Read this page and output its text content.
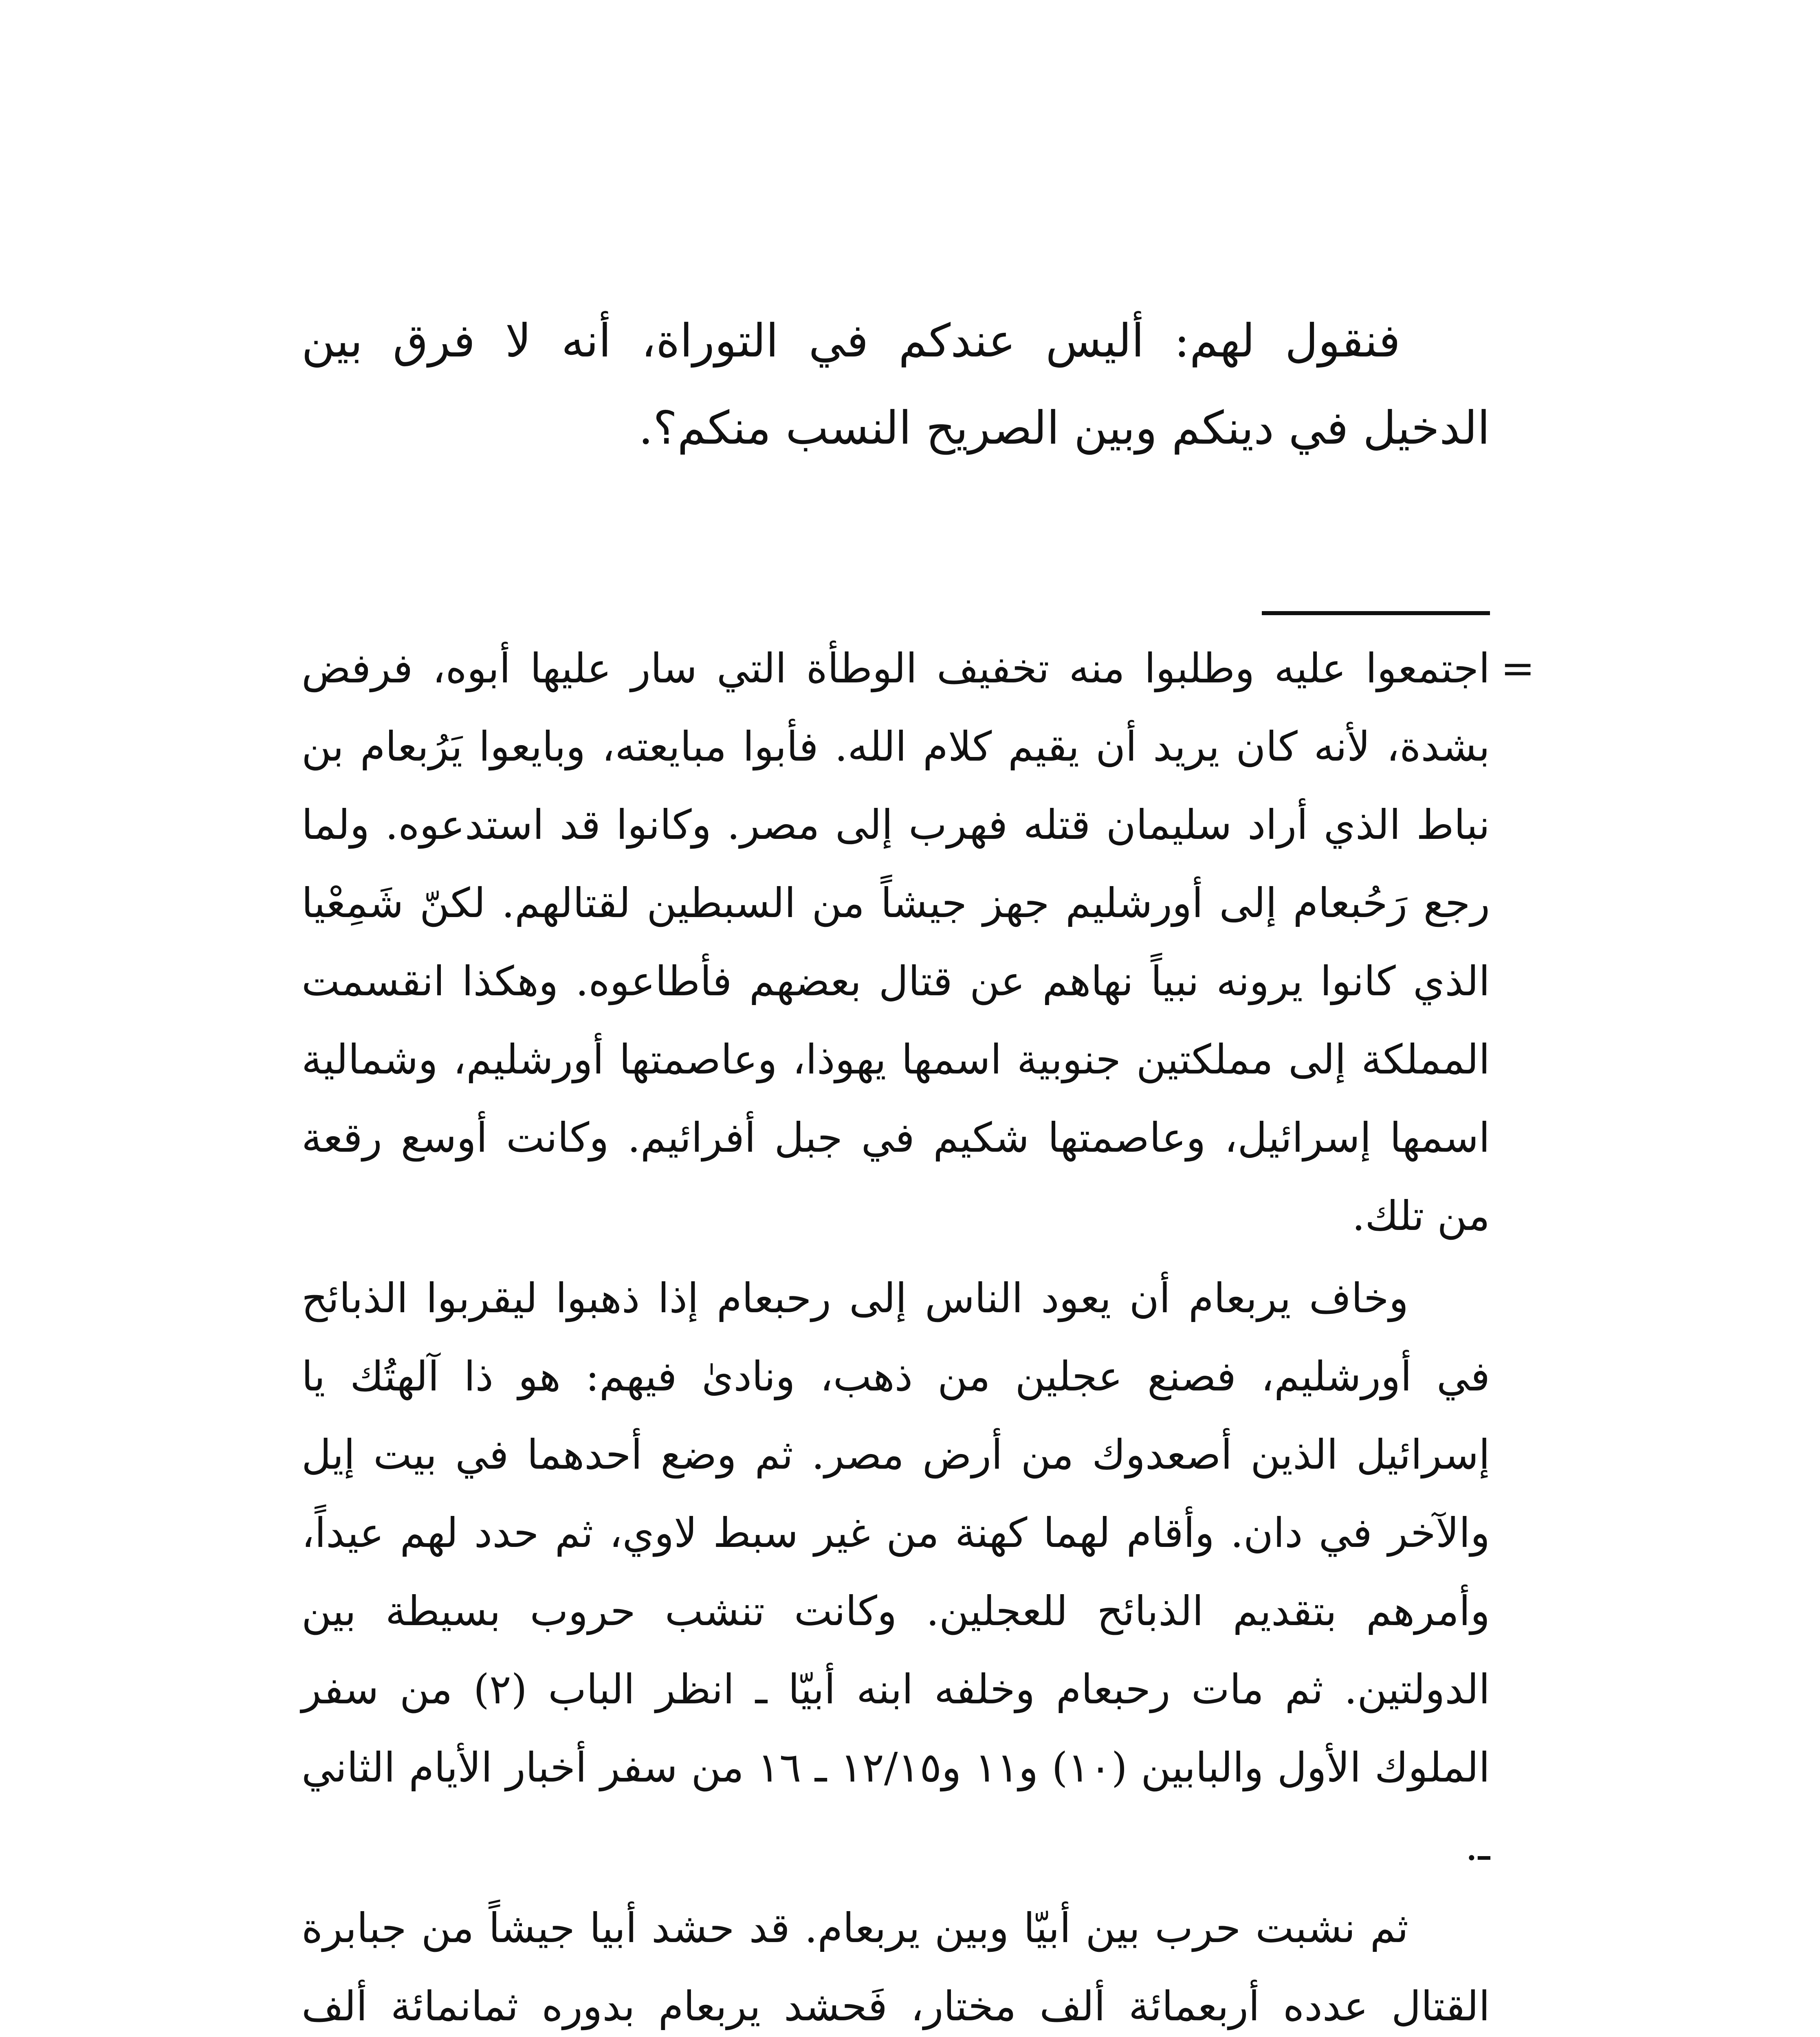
فنقول لهم: أليس عندكم في التوراة، أنه لا فرق بين الدخيل في دينكم وبين الصريح النسب منكم؟.

=
اجتمعوا عليه وطلبوا منه تخفيف الوطأة التي سار عليها أبوه، فرفض بشدة، لأنه كان يريد أن يقيم كلام الله. فأبوا مبايعته، وبايعوا يَرُبعام بن نباط الذي أراد سليمان قتله فهرب إلى مصر. وكانوا قد استدعوه. ولما رجع رَحُبعام إلى أورشليم جهز جيشاً من السبطين لقتالهم. لكنّ شَمِعْيا الذي كانوا يرونه نبياً نهاهم عن قتال بعضهم فأطاعوه. وهكذا انقسمت المملكة إلى مملكتين جنوبية اسمها يهوذا، وعاصمتها أورشليم، وشمالية اسمها إسرائيل، وعاصمتها شكيم في جبل أفرائيم. وكانت أوسع رقعة من تلك.

وخاف يربعام أن يعود الناس إلى رحبعام إذا ذهبوا ليقربوا الذبائح في أورشليم، فصنع عجلين من ذهب، ونادىٰ فيهم: هو ذا آلهتُك يا إسرائيل الذين أصعدوك من أرض مصر. ثم وضع أحدهما في بيت إيل والآخر في دان. وأقام لهما كهنة من غير سبط لاوي، ثم حدد لهم عيداً، وأمرهم بتقديم الذبائح للعجلين. وكانت تنشب حروب بسيطة بين الدولتين. ثم مات رحبعام وخلفه ابنه أبيّا ـ انظر الباب (٢) من سفر الملوك الأول والبابين (١٠) و١١ و١٢/١٥ ـ ١٦ من سفر أخبار الأيام الثاني ـ.

ثم نشبت حرب بين أبيّا وبين يربعام. قد حشد أبيا جيشاً من جبابرة القتال عدده أربعمائة ألف مختار، فَحشد يربعام بدوره ثمانمائة ألف
